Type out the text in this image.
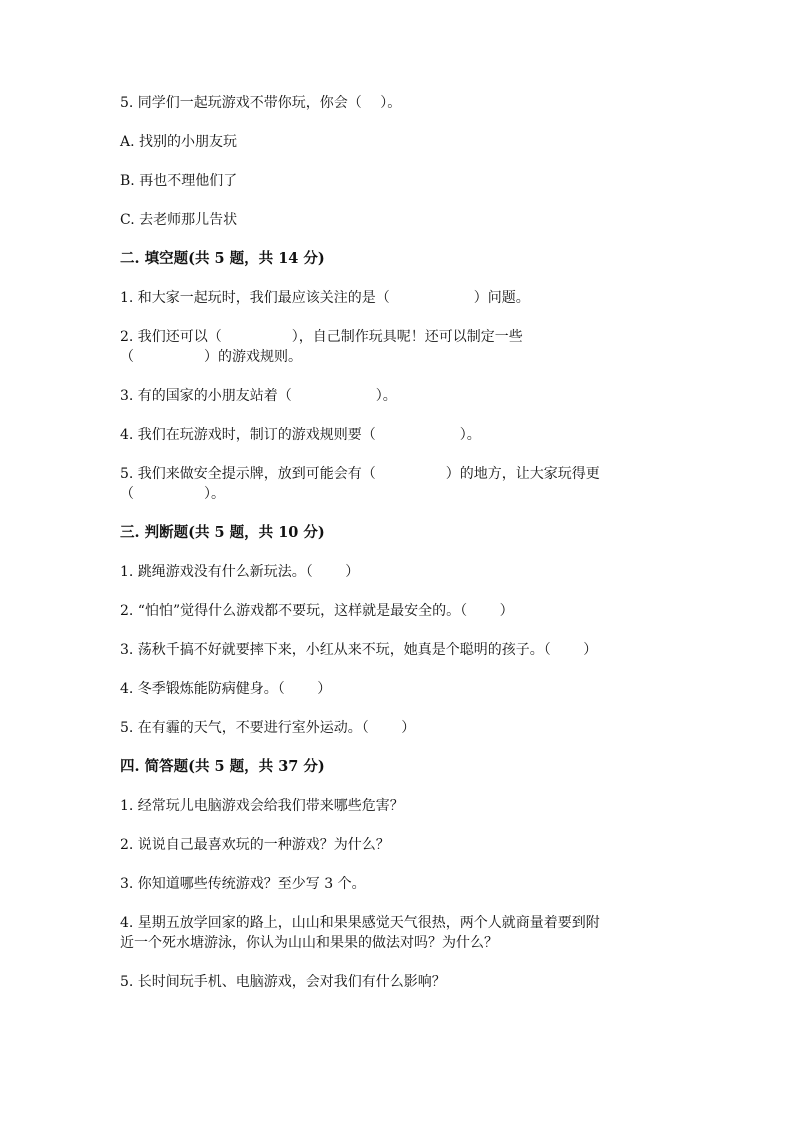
5. 同学们一起玩游戏不带你玩，你会（　 ）。

A. 找别的小朋友玩

B. 再也不理他们了

C. 去老师那儿告状

二. 填空题(共 5 题，共 14 分)

1. 和大家一起玩时，我们最应该关注的是（　　　　　　）问题。

2. 我们还可以（　　　　　），自己制作玩具呢！还可以制定一些

（　　　　　）的游戏规则。

3. 有的国家的小朋友站着（　　　　　　）。

4. 我们在玩游戏时，制订的游戏规则要（　　　　　　）。

5. 我们来做安全提示牌，放到可能会有（　　　　　）的地方，让大家玩得更

（　　　　　）。

三. 判断题(共 5 题，共 10 分)

1. 跳绳游戏没有什么新玩法。（　　 ）

2. “怕怕”觉得什么游戏都不要玩，这样就是最安全的。（　　 ）

3. 荡秋千搞不好就要摔下来，小红从来不玩，她真是个聪明的孩子。（　　 ）

4. 冬季锻炼能防病健身。（　　 ）

5. 在有霾的天气，不要进行室外运动。（　　 ）

四. 简答题(共 5 题，共 37 分)

1. 经常玩儿电脑游戏会给我们带来哪些危害？

2. 说说自己最喜欢玩的一种游戏？为什么？

3. 你知道哪些传统游戏？至少写 3 个。

4. 星期五放学回家的路上，山山和果果感觉天气很热，两个人就商量着要到附

近一个死水塘游泳，你认为山山和果果的做法对吗？为什么？

5. 长时间玩手机、电脑游戏，会对我们有什么影响？
